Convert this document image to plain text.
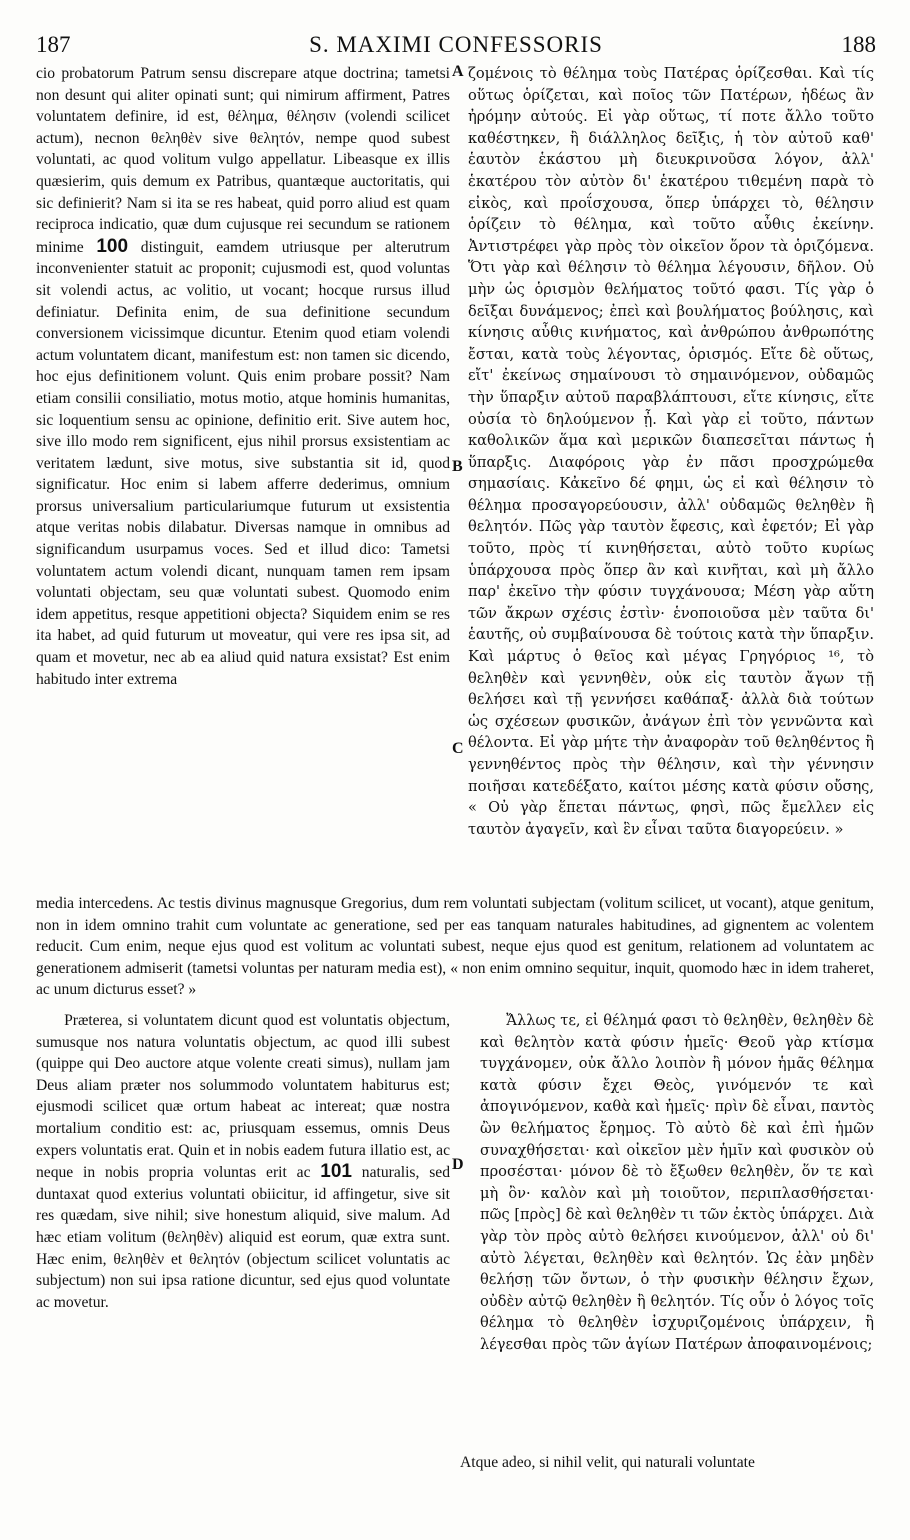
187	S. MAXIMI CONFESSORIS	188

cio probatorum Patrum sensu discrepare atque doctrina; tametsi non desunt qui aliter opinati sunt; qui nimirum affirment, Patres voluntatem definire, id est, θέλημα, θέλησιν (volendi scilicet actum), necnon θεληθὲν sive θελητόν, nempe quod subest voluntati, ac quod volitum vulgo appellatur. Libeasque ex illis quæsierim, quis demum ex Patribus, quantæque auctoritatis, qui sic definierit? Nam si ita se res habeat, quid porro aliud est quam reciproca indicatio, quæ dum cujusque rei secundum se rationem minime 100 distinguit, eamdem utriusque per alterutrum inconvenienter statuit ac proponit; cujusmodi est, quod voluntas sit volendi actus, ac volitio, ut vocant; hocque rursus illud definiatur. Definita enim, de sua definitione secundum conversionem vicissimque dicuntur. Etenim quod etiam volendi actum voluntatem dicant, manifestum est: non tamen sic dicendo, hoc ejus definitionem volunt. Quis enim probare possit? Nam etiam consilii consiliatio, motus motio, atque hominis humanitas, sic loquentium sensu ac opinione, definitio erit. Sive autem hoc, sive illo modo rem significent, ejus nihil prorsus exsistentiam ac veritatem lædunt, sive motus, sive substantia sit id, quod significatur. Hoc enim si labem afferre dederimus, omnium prorsus universalium particulariumque futurum ut exsistentia atque veritas nobis dilabatur. Diversas namque in omnibus ad significandum usurpamus voces. Sed et illud dico: Tametsi voluntatem actum volendi dicant, nunquam tamen rem ipsam voluntati objectam, seu quæ voluntati subest. Quomodo enim idem appetitus, resque appetitioni objecta? Siquidem enim se res ita habet, ad quid futurum ut moveatur, qui vere res ipsa sit, ad quam et movetur, nec ab ea aliud quid natura exsistat? Est enim habitudo inter extrema

A
B
C
D

ζομένοις τὸ θέλημα τοὺς Πατέρας ὁρίζεσθαι. Καὶ τίς οὕτως ὁρίζεται, καὶ ποῖος τῶν Πατέρων, ἡδέως ἂν ἠρόμην αὐτούς. Εἰ γὰρ οὕτως, τί ποτε ἄλλο τοῦτο καθέστηκεν, ἢ διάλληλος δεῖξις, ἡ τὸν αὐτοῦ καθ' ἑαυτὸν ἑκάστου μὴ διευκρινοῦσα λόγον, ἀλλ' ἑκατέρου τὸν αὐτὸν δι' ἑκατέρου τιθεμένη παρὰ τὸ εἰκὸς, καὶ προΐσχουσα, ὅπερ ὑπάρχει τὸ, θέλησιν ὁρίζειν τὸ θέλημα, καὶ τοῦτο αὖθις ἐκείνην. Ἀντιστρέφει γὰρ πρὸς τὸν οἰκεῖον ὅρον τὰ ὁριζόμενα. Ὅτι γὰρ καὶ θέλησιν τὸ θέλημα λέγουσιν, δῆλον. Οὐ μὴν ὡς ὁρισμὸν θελήματος τοῦτό φασι. Τίς γὰρ ὁ δεῖξαι δυνάμενος; ἐπεὶ καὶ βουλήματος βούλησις, καὶ κίνησις αὖθις κινήματος, καὶ ἀνθρώπου ἀνθρωπότης ἔσται, κατὰ τοὺς λέγοντας, ὁρισμός. Εἴτε δὲ οὕτως, εἴτ' ἐκείνως σημαίνουσι τὸ σημαινόμενον, οὐδαμῶς τὴν ὕπαρξιν αὐτοῦ παραβλάπτουσι, εἴτε κίνησις, εἴτε οὐσία τὸ δηλούμενον ᾖ. Καὶ γὰρ εἰ τοῦτο, πάντων καθολικῶν ἅμα καὶ μερικῶν διαπεσεῖται πάντως ἡ ὕπαρξις. Διαφόροις γὰρ ἐν πᾶσι προσχρώμεθα σημασίαις. Κἀκεῖνο δέ φημι, ὡς εἰ καὶ θέλησιν τὸ θέλημα προσαγορεύουσιν, ἀλλ' οὐδαμῶς θεληθὲν ἢ θελητόν. Πῶς γὰρ ταυτὸν ἔφεσις, καὶ ἐφετόν; Εἰ γὰρ τοῦτο, πρὸς τί κινηθήσεται, αὐτὸ τοῦτο κυρίως ὑπάρχουσα πρὸς ὅπερ ἂν καὶ κινῆται, καὶ μὴ ἄλλο παρ' ἐκεῖνο τὴν φύσιν τυγχάνουσα; Μέση γὰρ αὕτη τῶν ἄκρων σχέσις ἐστὶν· ἑνοποιοῦσα μὲν ταῦτα δι' ἑαυτῆς, οὐ συμβαίνουσα δὲ τούτοις κατὰ τὴν ὕπαρξιν. Καὶ μάρτυς ὁ θεῖος καὶ μέγας Γρηγόριος ¹⁶, τὸ θεληθὲν καὶ γεννηθὲν, οὐκ εἰς ταυτὸν ἄγων τῇ θελήσει καὶ τῇ γεννήσει καθάπαξ· ἀλλὰ διὰ τούτων ὡς σχέσεων φυσικῶν, ἀνάγων ἐπὶ τὸν γεννῶντα καὶ θέλοντα. Εἰ γὰρ μήτε τὴν ἀναφορὰν τοῦ θεληθέντος ἢ γεννηθέντος πρὸς τὴν θέλησιν, καὶ τὴν γέννησιν ποιῆσαι κατεδέξατο, καίτοι μέσης κατὰ φύσιν οὔσης, « Οὐ γὰρ ἕπεται πάντως, φησὶ, πῶς ἔμελλεν εἰς ταυτὸν ἀγαγεῖν, καὶ ἓν εἶναι ταῦτα διαγορεύειν. »

media intercedens. Ac testis divinus magnusque Gregorius, dum rem voluntati subjectam (volitum scilicet, ut vocant), atque genitum, non in idem omnino trahit cum voluntate ac generatione, sed per eas tanquam naturales habitudines, ad gignentem ac volentem reducit. Cum enim, neque ejus quod est volitum ac voluntati subest, neque ejus quod est genitum, relationem ad voluntatem ac generationem admiserit (tametsi voluntas per naturam media est), « non enim omnino sequitur, inquit, quomodo hæc in idem traheret, ac unum dicturus esset? »

Præterea, si voluntatem dicunt quod est voluntatis objectum, sumusque nos natura voluntatis objectum, ac quod illi subest (quippe qui Deo auctore atque volente creati simus), nullam jam Deus aliam præter nos solummodo voluntatem habiturus est; ejusmodi scilicet quæ ortum habeat ac intereat; quæ nostra mortalium conditio est: ac, priusquam essemus, omnis Deus expers voluntatis erat. Quin et in nobis eadem futura illatio est, ac neque in nobis propria voluntas erit ac 101 naturalis, sed duntaxat quod exterius voluntati obiicitur, id affingetur, sive sit res quædam, sive nihil; sive honestum aliquid, sive malum. Ad hæc etiam volitum (θεληθὲν) aliquid est eorum, quæ extra sunt. Hæc enim, θεληθὲν et θελητόν (objectum scilicet voluntatis ac subjectum) non sui ipsa ratione dicuntur, sed ejus quod voluntate ac movetur.

Ἄλλως τε, εἰ θέλημά φασι τὸ θεληθὲν, θεληθὲν δὲ καὶ θελητὸν κατὰ φύσιν ἡμεῖς· Θεοῦ γὰρ κτίσμα τυγχάνομεν, οὐκ ἄλλο λοιπὸν ἢ μόνον ἡμᾶς θέλημα κατὰ φύσιν ἔχει Θεὸς, γινόμενόν τε καὶ ἀπογινόμενον, καθὰ καὶ ἡμεῖς· πρὶν δὲ εἶναι, παντὸς ὢν θελήματος ἔρημος. Τὸ αὐτὸ δὲ καὶ ἐπὶ ἡμῶν συναχθήσεται· καὶ οἰκεῖον μὲν ἡμῖν καὶ φυσικὸν οὐ προσέσται· μόνον δὲ τὸ ἔξωθεν θεληθὲν, ὅν τε καὶ μὴ ὂν· καλὸν καὶ μὴ τοιοῦτον, περιπλασθήσεται· πῶς [πρὸς] δὲ καὶ θεληθὲν τι τῶν ἐκτὸς ὑπάρχει. Διὰ γὰρ τὸν πρὸς αὐτὸ θελήσει κινούμενον, ἀλλ' οὐ δι' αὐτὸ λέγεται, θεληθὲν καὶ θελητόν. Ὡς ἐὰν μηδὲν θελήσῃ τῶν ὄντων, ὁ τὴν φυσικὴν θέλησιν ἔχων, οὐδὲν αὐτῷ θεληθὲν ἢ θελητόν. Τίς οὖν ὁ λόγος τοῖς θέλημα τὸ θεληθὲν ἰσχυριζομένοις ὑπάρχειν, ἢ λέγεσθαι πρὸς τῶν ἁγίων Πατέρων ἀποφαινομένοις;

Atque adeo, si nihil velit, qui naturali voluntate
